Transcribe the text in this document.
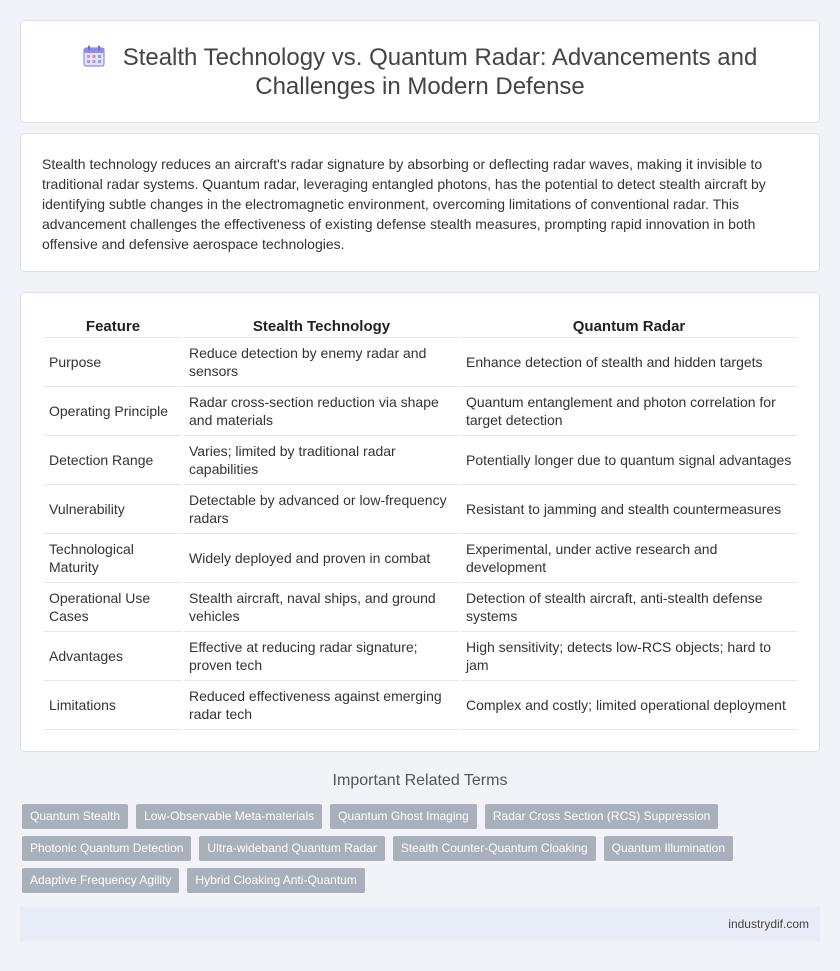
Stealth Technology vs. Quantum Radar: Advancements and Challenges in Modern Defense

Stealth technology reduces an aircraft's radar signature by absorbing or deflecting radar waves, making it invisible to traditional radar systems. Quantum radar, leveraging entangled photons, has the potential to detect stealth aircraft by identifying subtle changes in the electromagnetic environment, overcoming limitations of conventional radar. This advancement challenges the effectiveness of existing defense stealth measures, prompting rapid innovation in both offensive and defensive aerospace technologies.

Feature	Stealth Technology	Quantum Radar
Purpose	Reduce detection by enemy radar and sensors	Enhance detection of stealth and hidden targets
Operating Principle	Radar cross-section reduction via shape and materials	Quantum entanglement and photon correlation for target detection
Detection Range	Varies; limited by traditional radar capabilities	Potentially longer due to quantum signal advantages
Vulnerability	Detectable by advanced or low-frequency radars	Resistant to jamming and stealth countermeasures
Technological Maturity	Widely deployed and proven in combat	Experimental, under active research and development
Operational Use Cases	Stealth aircraft, naval ships, and ground vehicles	Detection of stealth aircraft, anti-stealth defense systems
Advantages	Effective at reducing radar signature; proven tech	High sensitivity; detects low-RCS objects; hard to jam
Limitations	Reduced effectiveness against emerging radar tech	Complex and costly; limited operational deployment
Important Related Terms
Quantum Stealth	Low-Observable Meta-materials	Quantum Ghost Imaging	Radar Cross Section (RCS) Suppression
Photonic Quantum Detection	Ultra-wideband Quantum Radar	Stealth Counter-Quantum Cloaking	Quantum Illumination
Adaptive Frequency Agility	Hybrid Cloaking Anti-Quantum
industrydif.com
